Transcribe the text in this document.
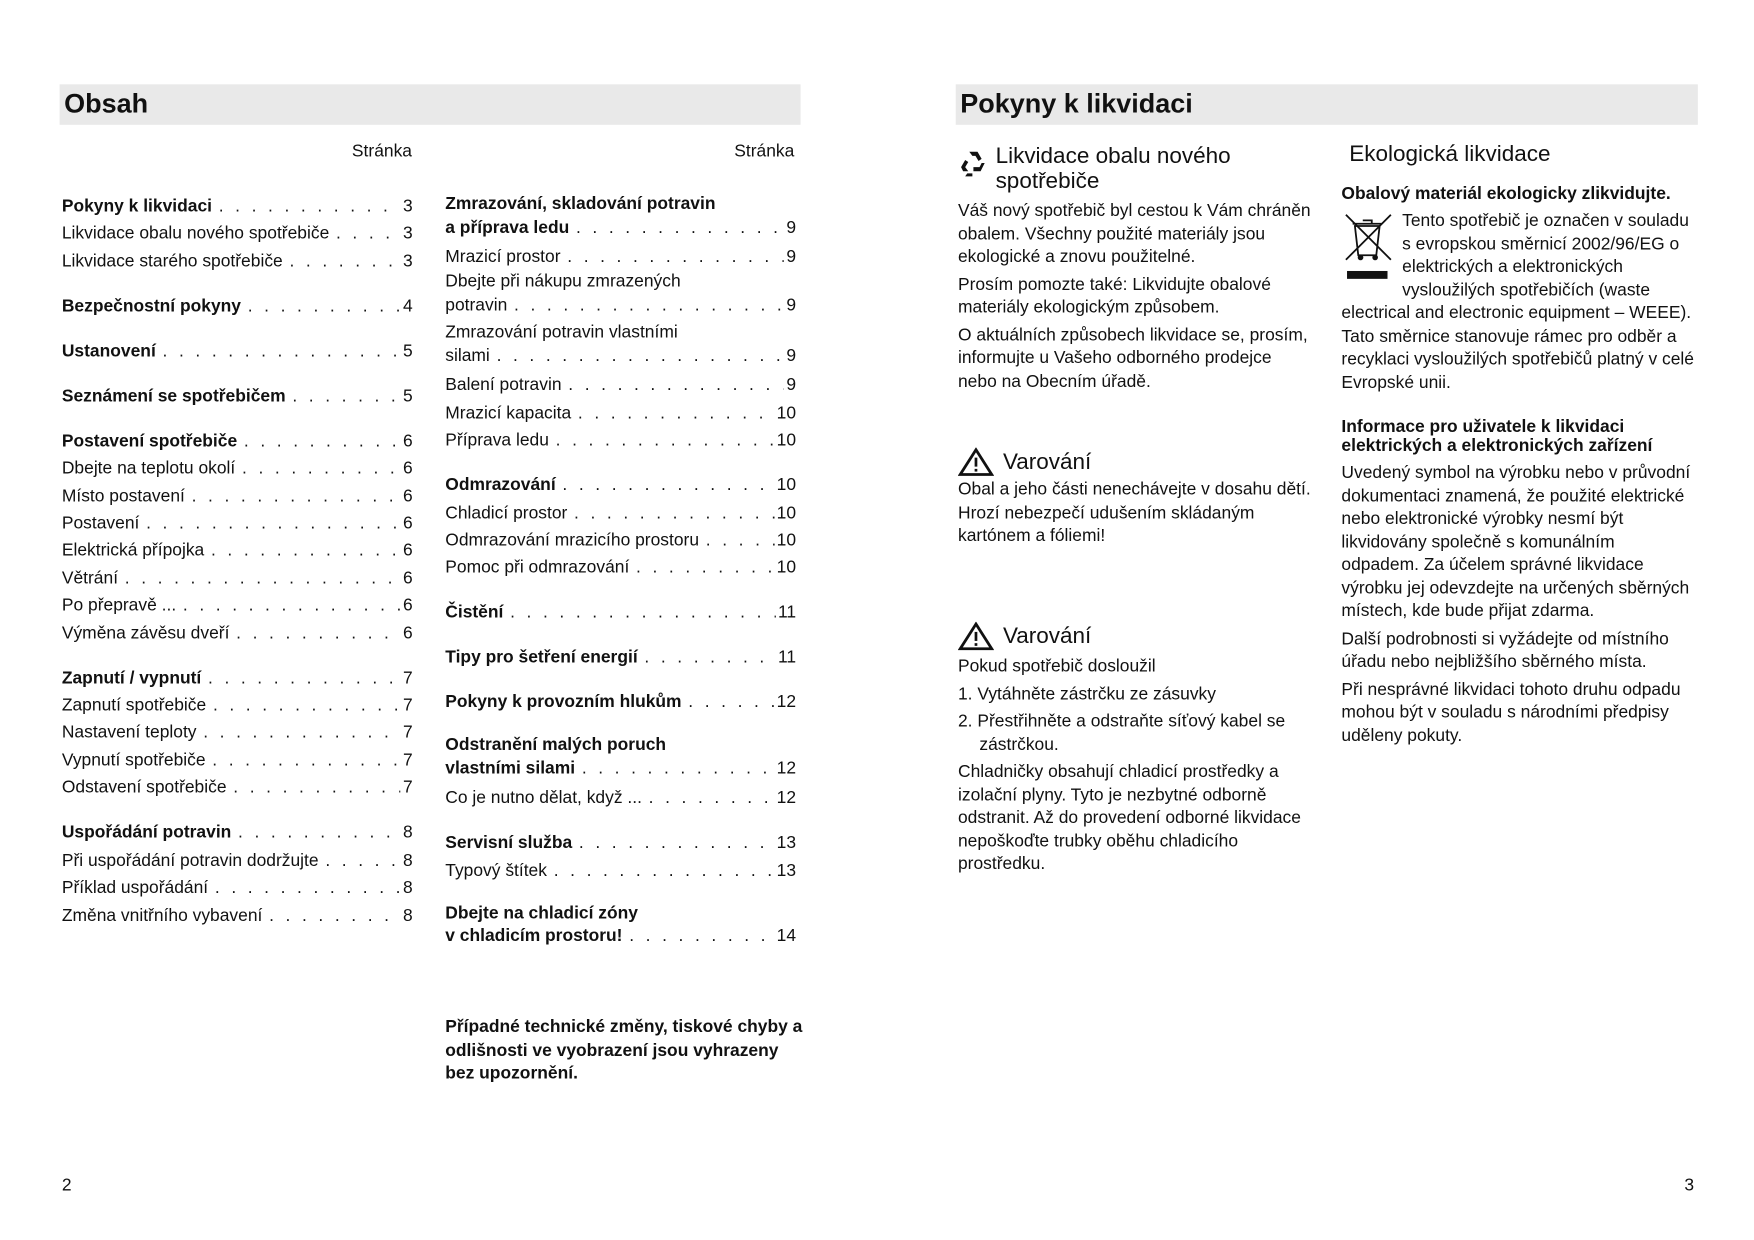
Obsah
Stránka	Stránka
Pokyny k likvidaci . . .	3
Likvidace obalu nového spotřebiče . . .	3
Likvidace starého spotřebiče . . .	3
Bezpečnostní pokyny . . .	4
Ustanovení . . .	5
Seznámení se spotřebičem . . .	5
Postavení spotřebiče . . .	6
Dbejte na teplotu okolí . . .	6
Místo postavení . . .	6
Postavení . . .	6
Elektrická přípojka . . .	6
Větrání . . .	6
Po přepravě ... . . .	6
Výměna závěsu dveří . . .	6
Zapnutí / vypnutí . . .	7
Zapnutí spotřebiče . . .	7
Nastavení teploty . . .	7
Vypnutí spotřebiče . . .	7
Odstavení spotřebiče . . .	7
Uspořádání potravin . . .	8
Při uspořádání potravin dodržujte . . .	8
Příklad uspořádání . . .	8
Změna vnitřního vybavení . . .	8
Zmrazování, skladování potravin
a příprava ledu . . .	9
Mrazicí prostor . . .	9
Dbejte při nákupu zmrazených
potravin . . .	9
Zmrazování potravin vlastními
silami . . .	9
Balení potravin . . .	9
Mrazicí kapacita . . .	10
Příprava ledu . . .	10
Odmrazování . . .	10
Chladicí prostor . . .	10
Odmrazování mrazicího prostoru . . .	10
Pomoc při odmrazování . . .	10
Čistění . . .	11
Tipy pro šetření energií . . .	11
Pokyny k provozním hlukům . . .	12
Odstranění malých poruch
vlastními silami . . .	12
Co je nutno dělat, když ... . . .	12
Servisní služba . . .	13
Typový štítek . . .	13
Dbejte na chladicí zóny
v chladicím prostoru! . . .	14
Případné technické změny, tiskové chyby a odlišnosti ve vyobrazení jsou vyhrazeny bez upozornění.
2
Pokyny k likvidaci
Likvidace obalu nového spotřebiče

Váš nový spotřebič byl cestou k Vám chráněn obalem. Všechny použité materiály jsou ekologické a znovu použitelné.

Prosím pomozte také: Likvidujte obalové materiály ekologickým způsobem.

O aktuálních způsobech likvidace se, prosím, informujte u Vašeho odborného prodejce nebo na Obecním úřadě.

Varování

Obal a jeho části nenechávejte v dosahu dětí. Hrozí nebezpečí udušením skládaným kartónem a fóliemi!

Varování

Pokud spotřebič dosloužil

1. Vytáhněte zástrčku ze zásuvky

2. Přestřihněte a odstraňte síťový kabel se zástrčkou.

Chladničky obsahují chladicí prostředky a izolační plyny. Tyto je nezbytné odborně odstranit. Až do provedení odborné likvidace nepoškoďte trubky oběhu chladicího prostředku.

Ekologická likvidace
Obalový materiál ekologicky zlikvidujte.

Tento spotřebič je označen v souladu s evropskou směrnicí 2002/96/EG o elektrických a elektronických vysloužilých spotřebičích (waste electrical and electronic equipment – WEEE). Tato směrnice stanovuje rámec pro odběr a recyklaci vysloužilých spotřebičů platný v celé Evropské unii.

Informace pro uživatele k likvidaci elektrických a elektronických zařízení

Uvedený symbol na výrobku nebo v průvodní dokumentaci znamená, že použité elektrické nebo elektronické výrobky nesmí být likvidovány společně s komunálním odpadem. Za účelem správné likvidace výrobku jej odevzdejte na určených sběrných místech, kde bude přijat zdarma.

Další podrobnosti si vyžádejte od místního úřadu nebo nejbližšího sběrného místa.

Při nesprávné likvidaci tohoto druhu odpadu mohou být v souladu s národními předpisy uděleny pokuty.

3
